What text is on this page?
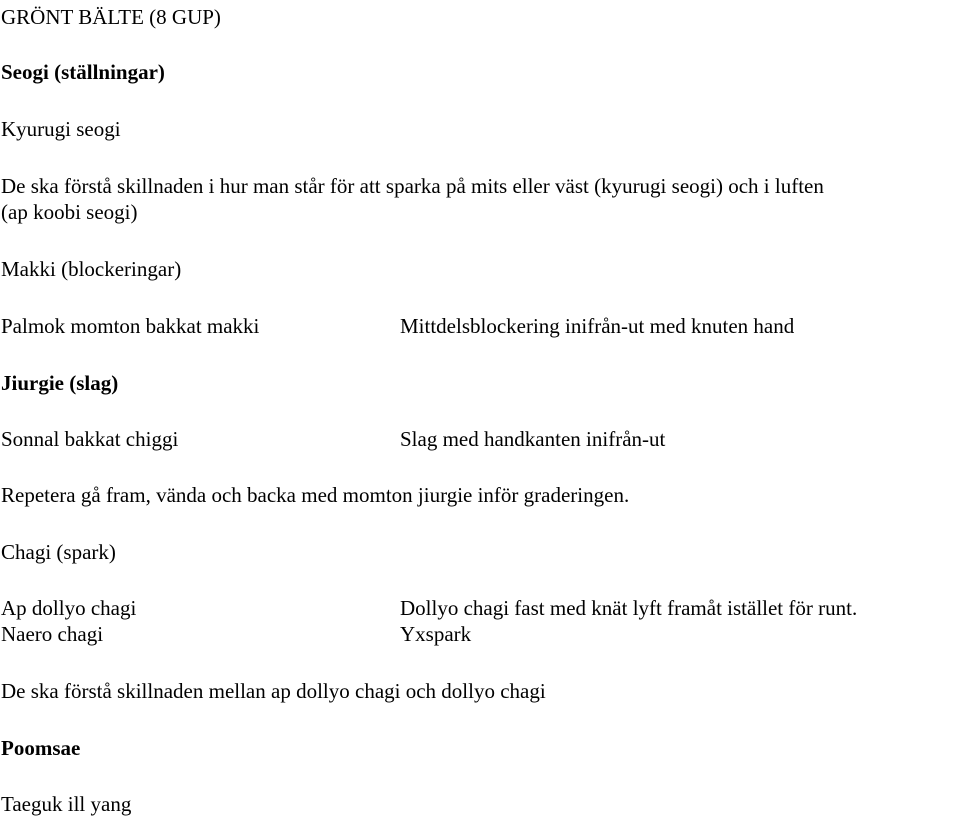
GRÖNT BÄLTE (8 GUP)
Seogi (ställningar)
Kyurugi seogi
De ska förstå skillnaden i hur man står för att sparka på mits eller väst (kyurugi seogi) och i luften
(ap koobi seogi)
Makki (blockeringar)
Palmok momton bakkat makki	Mittdelsblockering inifrån-ut med knuten hand
Jiurgie (slag)
Sonnal bakkat chiggi	Slag med handkanten inifrån-ut
Repetera gå fram, vända och backa med momton jiurgie inför graderingen.
Chagi (spark)
Ap dollyo chagi	Dollyo chagi fast med knät lyft framåt istället för runt.
Naero chagi	Yxspark
De ska förstå skillnaden mellan ap dollyo chagi och dollyo chagi
Poomsae
Taeguk ill yang
